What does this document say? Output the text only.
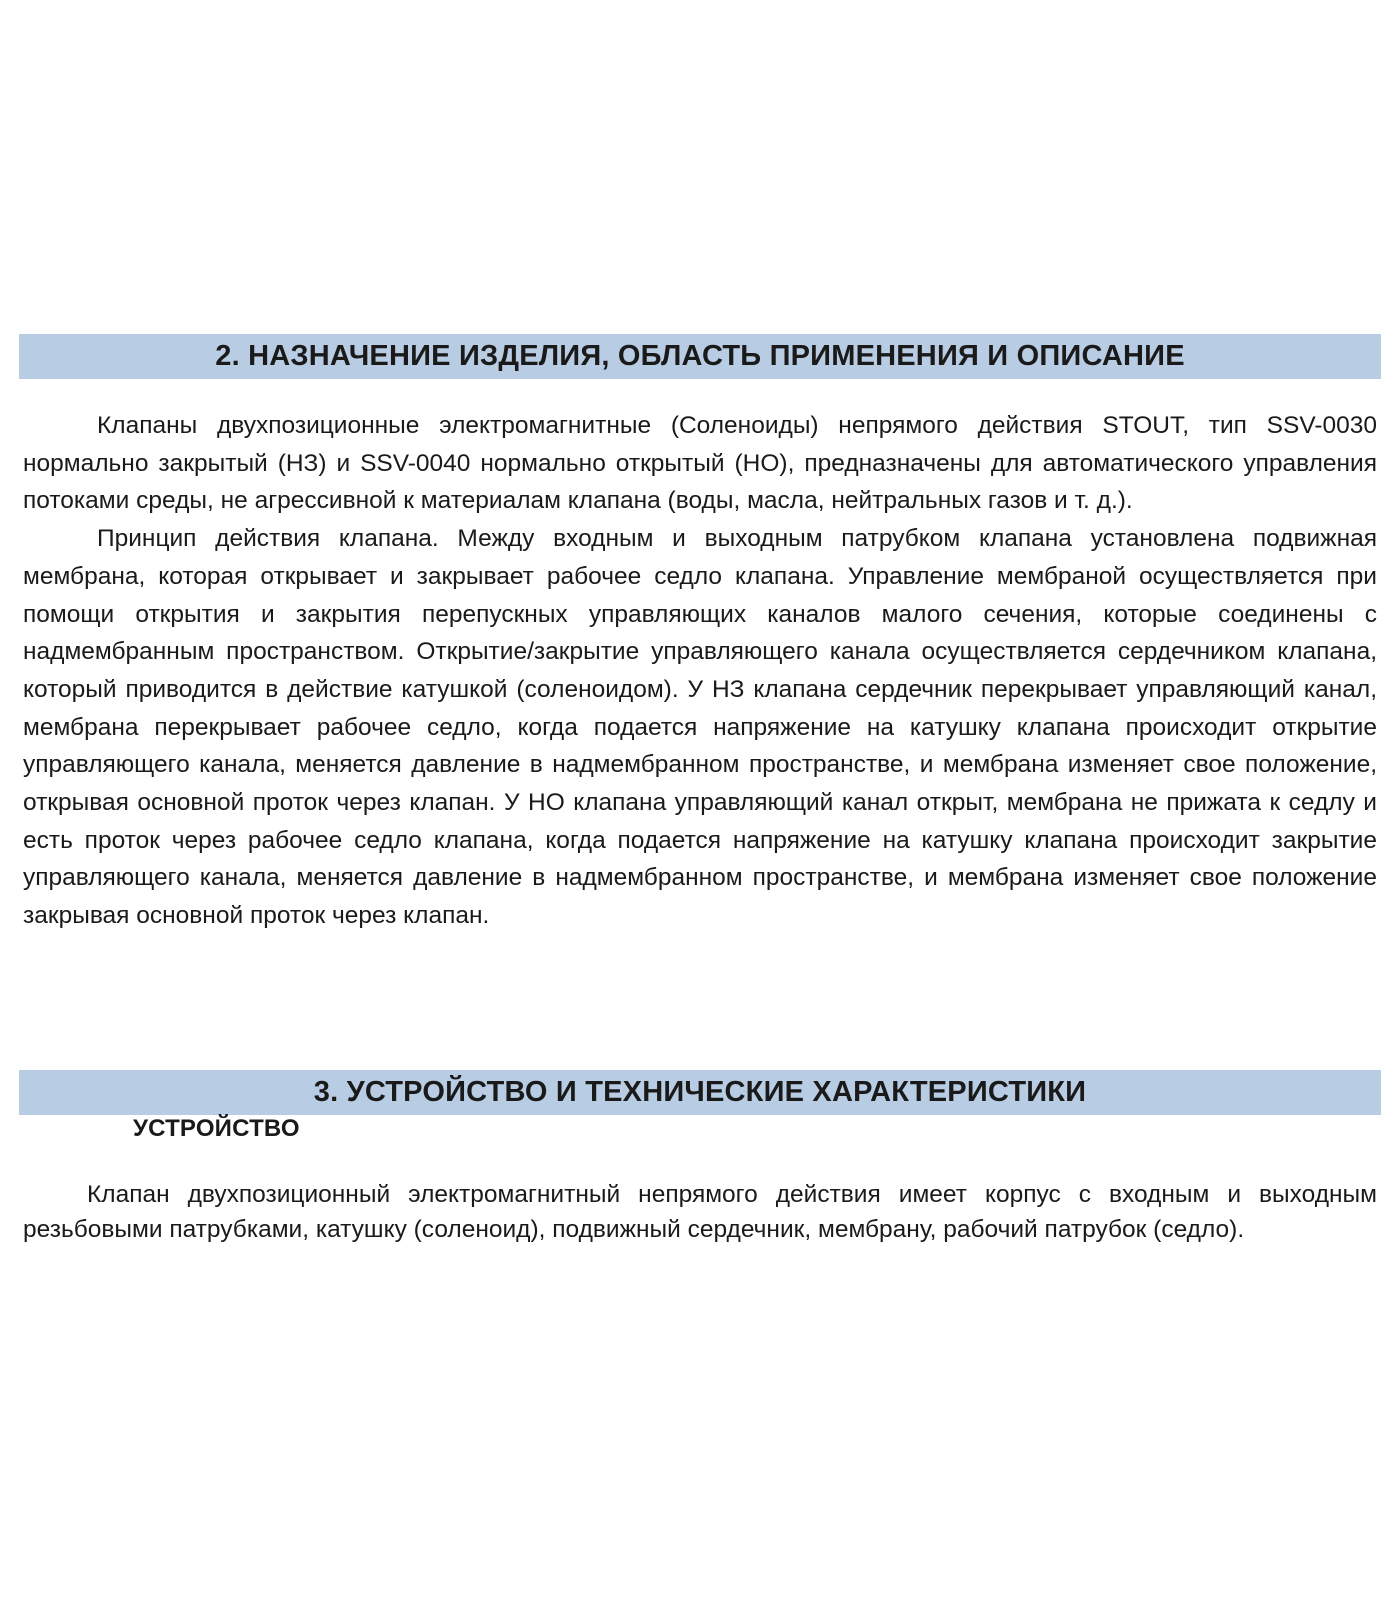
2. НАЗНАЧЕНИЕ ИЗДЕЛИЯ, ОБЛАСТЬ ПРИМЕНЕНИЯ И ОПИСАНИЕ

Клапаны двухпозиционные электромагнитные (Соленоиды) непрямого действия STOUT, тип SSV-0030 нормально закрытый (НЗ) и SSV-0040 нормально открытый (НО), предназначены для автоматического управления потоками среды, не агрессивной к материалам клапана (воды, масла, нейтральных газов и т. д.).

Принцип действия клапана. Между входным и выходным патрубком клапана установлена подвижная мембрана, которая открывает и закрывает рабочее седло клапана. Управление мембраной осуществляется при помощи открытия и закрытия перепускных управляющих каналов малого сечения, которые соединены с надмембранным пространством. Открытие/закрытие управляющего канала осуществляется сердечником клапана, который приводится в действие катушкой (соленоидом). У НЗ клапана сердечник перекрывает управляющий канал, мембрана перекрывает рабочее седло, когда подается напряжение на катушку клапана происходит открытие управляющего канала, меняется давление в надмембранном пространстве, и мембрана изменяет свое положение, открывая основной проток через клапан. У НО клапана управляющий канал открыт, мембрана не прижата к седлу и есть проток через рабочее седло клапана, когда подается напряжение на катушку клапана происходит закрытие управляющего канала, меняется давление в надмембранном пространстве, и мембрана изменяет свое положение закрывая основной проток через клапан.

3. УСТРОЙСТВО И ТЕХНИЧЕСКИЕ ХАРАКТЕРИСТИКИ
УСТРОЙСТВО

Клапан двухпозиционный электромагнитный непрямого действия имеет корпус с входным и выходным резьбовыми патрубками, катушку (соленоид), подвижный сердечник, мембрану, рабочий патрубок (седло).
